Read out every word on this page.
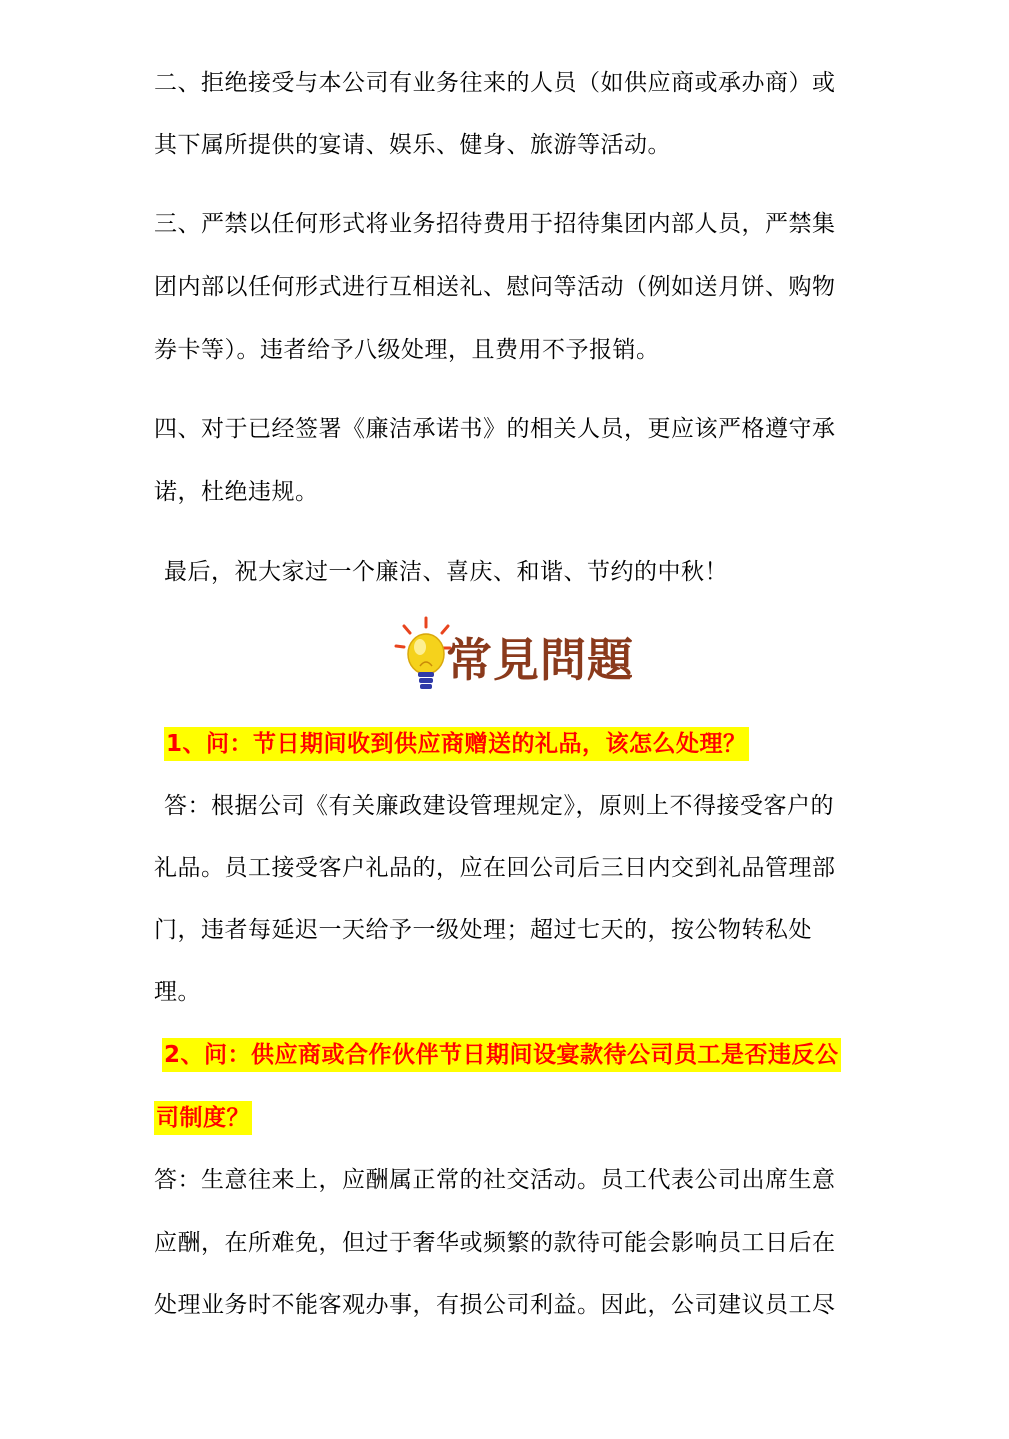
二、拒绝接受与本公司有业务往来的人员（如供应商或承办商）或
其下属所提供的宴请、娱乐、健身、旅游等活动。
三、严禁以任何形式将业务招待费用于招待集团内部人员，严禁集
团内部以任何形式进行互相送礼、慰问等活动（例如送月饼、购物
券卡等）。违者给予八级处理，且费用不予报销。
四、对于已经签署《廉洁承诺书》的相关人员，更应该严格遵守承
诺，杜绝违规。
最后，祝大家过一个廉洁、喜庆、和谐、节约的中秋！
常見問題
1、问：节日期间收到供应商赠送的礼品，该怎么处理？
答：根据公司《有关廉政建设管理规定》，原则上不得接受客户的
礼品。员工接受客户礼品的，应在回公司后三日内交到礼品管理部
门，违者每延迟一天给予一级处理；超过七天的，按公物转私处
理。
2、问：供应商或合作伙伴节日期间设宴款待公司员工是否违反公
司制度？
答：生意往来上，应酬属正常的社交活动。员工代表公司出席生意
应酬，在所难免，但过于奢华或频繁的款待可能会影响员工日后在
处理业务时不能客观办事，有损公司利益。因此，公司建议员工尽
